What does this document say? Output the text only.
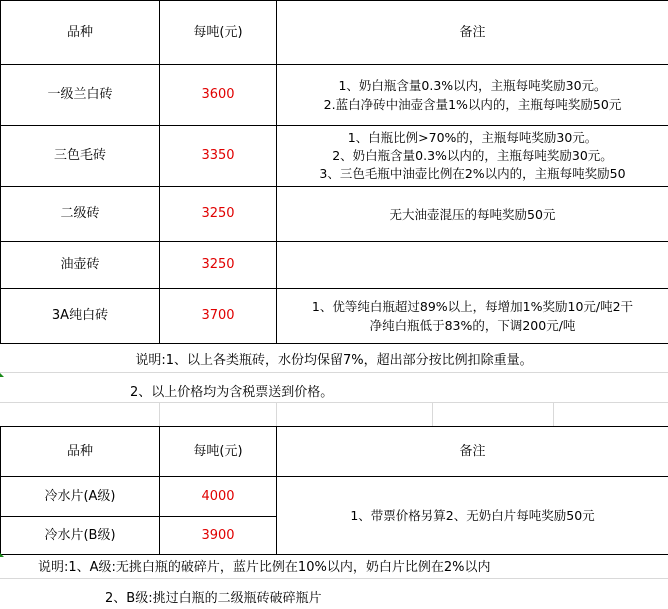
品种	每吨(元)	备注
一级兰白砖	3600	1、奶白瓶含量0.3%以内，主瓶每吨奖励30元。
2.蓝白净砖中油壶含量1%以内的，主瓶每吨奖励50元

三色毛砖	3350	1、白瓶比例>70%的，主瓶每吨奖励30元。
2、奶白瓶含量0.3%以内的，主瓶每吨奖励30元。
3、三色毛瓶中油壶比例在2%以内的，主瓶每吨奖励50

二级砖	3250	无大油壶混压的每吨奖励50元

油壶砖	3250	
3A纯白砖	3700	1、优等纯白瓶超过89%以上，每增加1%奖励10元/吨2干
净纯白瓶低于83%的，下调200元/吨
说明:1、以上各类瓶砖，水份均保留7%，超出部分按比例扣除重量。
2、以上价格均为含税票送到价格。
品种	每吨(元)	备注
冷水片(A级)	4000	1、带票价格另算2、无奶白片每吨奖励50元
冷水片(B级)	3900	
说明:1、A级:无挑白瓶的破碎片，蓝片比例在10%以内，奶白片比例在2%以内
2、B级:挑过白瓶的二级瓶砖破碎瓶片
